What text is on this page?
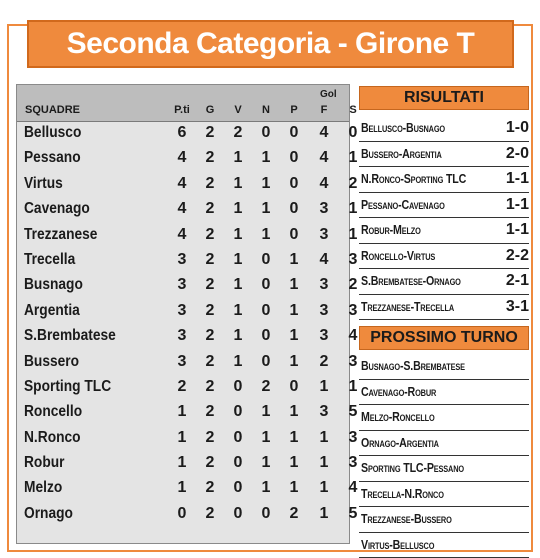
Seconda Categoria - Girone T
SQUADRE	P.ti	G	V	N	P
Gol
F	S
Bellusco	6	2	2	0	0	4	0
Pessano	4	2	1	1	0	4	1
Virtus	4	2	1	1	0	4	2
Cavenago	4	2	1	1	0	3	1
Trezzanese	4	2	1	1	0	3	1
Trecella	3	2	1	0	1	4	3
Busnago	3	2	1	0	1	3	2
Argentia	3	2	1	0	1	3	3
S.Brembatese	3	2	1	0	1	3	4
Bussero	3	2	1	0	1	2	3
Sporting TLC	2	2	0	2	0	1	1
Roncello	1	2	0	1	1	3	5
N.Ronco	1	2	0	1	1	1	3
Robur	1	2	0	1	1	1	3
Melzo	1	2	0	1	1	1	4
Ornago	0	2	0	0	2	1	5
RISULTATI
Bellusco-Busnago	1-0
Bussero-Argentia	2-0
N.Ronco-Sporting TLC 1-1
Pessano-Cavenago	1-1
Robur-Melzo	1-1
Roncello-Virtus	2-2
S.Brembatese-Ornago	2-1
Trezzanese-Trecella	3-1
PROSSIMO TURNO
Busnago-S.Brembatese
Cavenago-Robur
Melzo-Roncello
Ornago-Argentia
Sporting TLC-Pessano
Trecella-N.Ronco
Trezzanese-Bussero
Virtus-Bellusco
